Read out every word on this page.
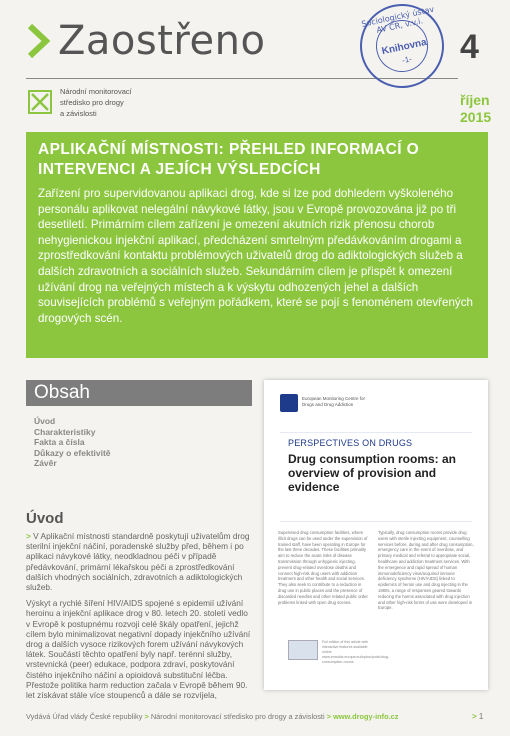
Zaostřeno	4
říjen
2015
Sociologický ústav AV ČR, v.v.i.
Knihovna
-1-
Národní monitorovací
středisko pro drogy
a závislosti
APLIKAČNÍ MÍSTNOSTI: PŘEHLED INFORMACÍ O INTERVENCI A JEJÍCH VÝSLEDCÍCH

Zařízení pro supervidovanou aplikaci drog, kde si lze pod dohledem vyškoleného personálu aplikovat nelegální návykové látky, jsou v Evropě provozována již po tři desetiletí. Primárním cílem zařízení je omezení akutních rizik přenosu chorob nehygienickou injekční aplikací, předcházení smrtelným předávkováním drogami a zprostředkování kontaktu problémových uživatelů drog do adiktologických služeb a dalších zdravotních a sociálních služeb. Sekundárním cílem je přispět k omezení užívání drog na veřejných místech a k výskytu odhozených jehel a dalších souvisejících problémů s veřejným pořádkem, které se pojí s fenoménem otevřených drogových scén.

Obsah
Úvod
Charakteristiky
Fakta a čísla
Důkazy o efektivitě
Závěr
Úvod

> V Aplikační místnosti standardně poskytují uživatelům drog sterilní injekční náčiní, poradenské služby před, během i po aplikaci návykové látky, neodkladnou péči v případě předávkování, primární lékařskou péči a zprostředkování dalších vhodných sociálních, zdravotních a adiktologických služeb.

Výskyt a rychlé šíření HIV/AIDS spojené s epidemií užívání heroinu a injekční aplikace drog v 80. letech 20. století vedlo v Evropě k postupnému rozvoji celé škály opatření, jejichž cílem bylo minimalizovat negativní dopady injekčního užívání drog a dalších vysoce rizikových forem užívání návykových látek. Součástí těchto opatření byly např. terénní služby, vrstevnická (peer) edukace, podpora zdraví, poskytování čistého injekčního náčiní a opioidová substituční léčba. Přestože politika harm reduction začala v Evropě během 90. let získávat stále více stoupenců a dále se rozvíjela,

European Monitoring Centre for Drugs and Drug Addiction
PERSPECTIVES ON DRUGS
Drug consumption rooms: an overview of provision and evidence
Supervised drug consumption facilities, where illicit drugs can be used under the supervision of trained staff, have been operating in Europe for the last three decades. These facilities primarily aim to reduce the acute risks of disease transmission through unhygienic injecting, prevent drug-related overdose deaths and connect high-risk drug users with addiction treatment and other health and social services. They also seek to contribute to a reduction in drug use in public places and the presence of discarded needles and other related public order problems linked with open drug scenes.
Typically, drug consumption rooms provide drug users with sterile injecting equipment, counselling services before, during and after drug consumption, emergency care in the event of overdose, and primary medical and referral to appropriate social, healthcare and addiction treatment services. With the emergence and rapid spread of human immunodeficiency virus/acquired immune deficiency syndrome (HIV/AIDS) linked to epidemics of heroin use and drug injecting in the 1980s, a range of responses geared towards reducing the harms associated with drug injection and other high-risk forms of use were developed in Europe.
Full edition of this article with interactive features available online www.emcdda.europa.eu/topics/pods/drug-consumption-rooms
Vydává Úřad vlády České republiky > Národní monitorovací středisko pro drogy a závislosti > www.drogy-info.cz	> 1
